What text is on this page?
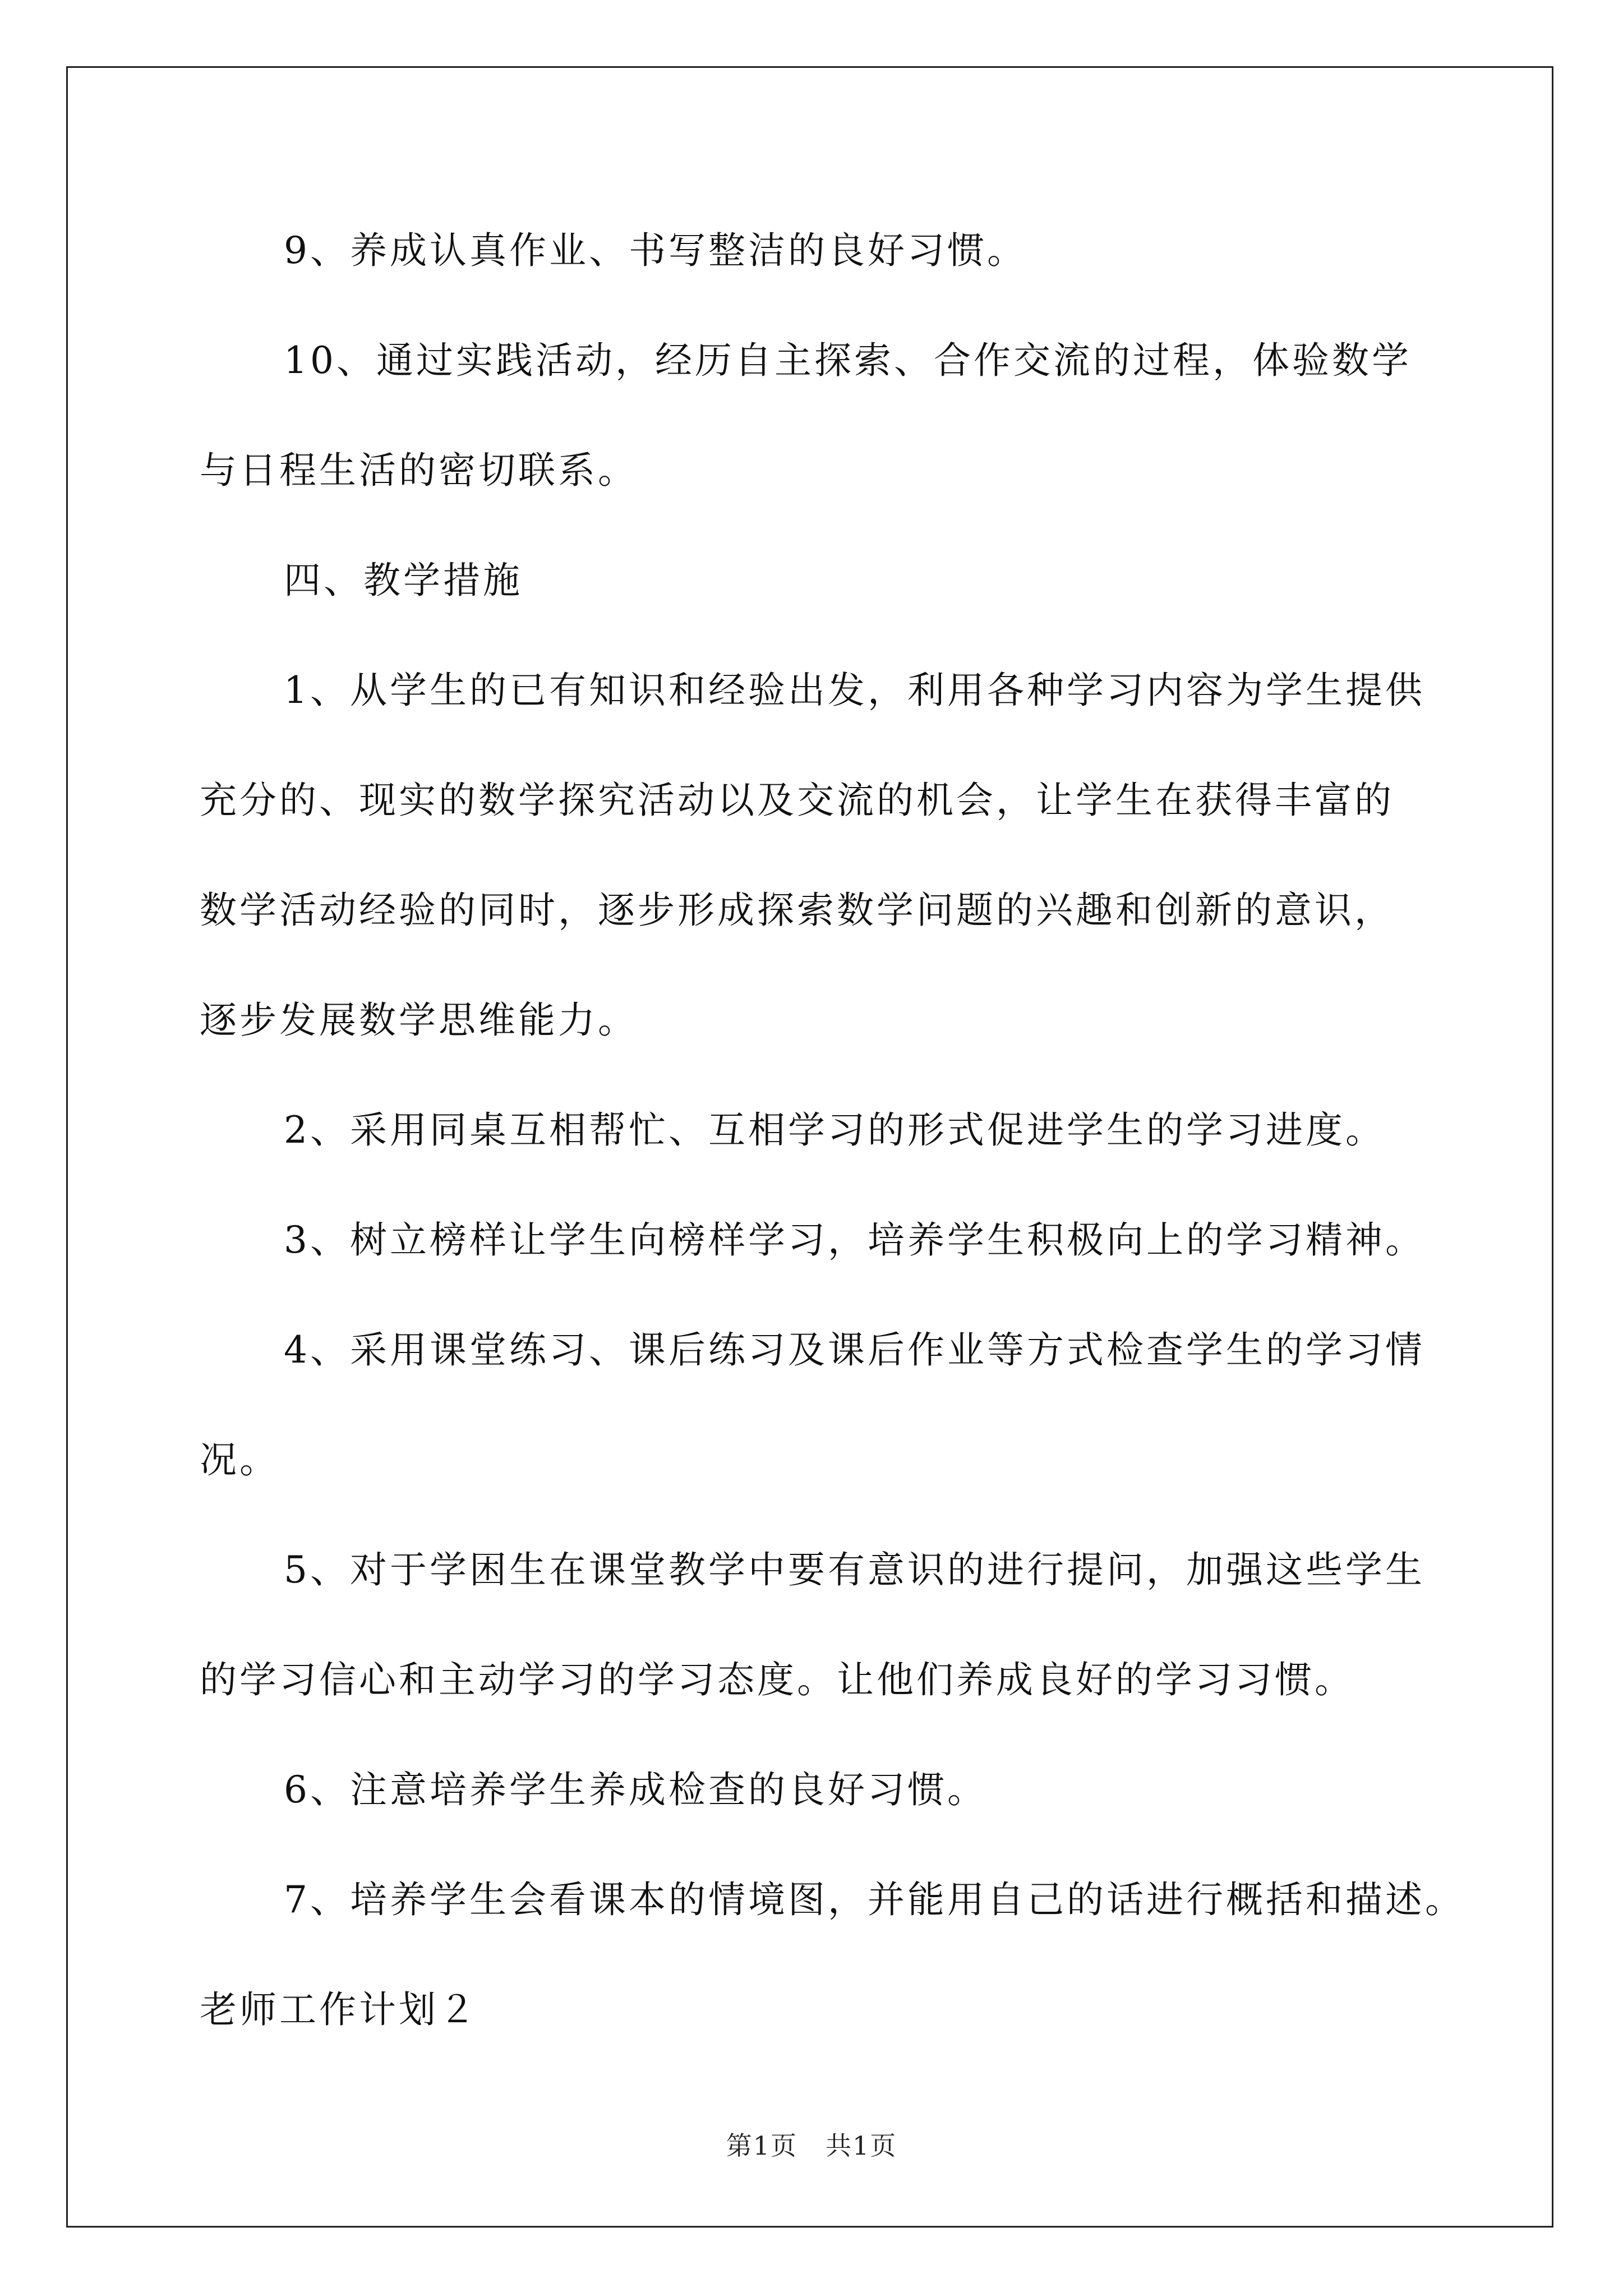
9、养成认真作业、书写整洁的良好习惯。
10、通过实践活动，经历自主探索、合作交流的过程，体验数学
与日程生活的密切联系。
四、教学措施
1、从学生的已有知识和经验出发，利用各种学习内容为学生提供
充分的、现实的数学探究活动以及交流的机会，让学生在获得丰富的
数学活动经验的同时，逐步形成探索数学问题的兴趣和创新的意识，
逐步发展数学思维能力。
2、采用同桌互相帮忙、互相学习的形式促进学生的学习进度。
3、树立榜样让学生向榜样学习，培养学生积极向上的学习精神。
4、采用课堂练习、课后练习及课后作业等方式检查学生的学习情
况。
5、对于学困生在课堂教学中要有意识的进行提问，加强这些学生
的学习信心和主动学习的学习态度。让他们养成良好的学习习惯。
6、注意培养学生养成检查的良好习惯。
7、培养学生会看课本的情境图，并能用自己的话进行概括和描述。
老师工作计划２
第1页 共1页
